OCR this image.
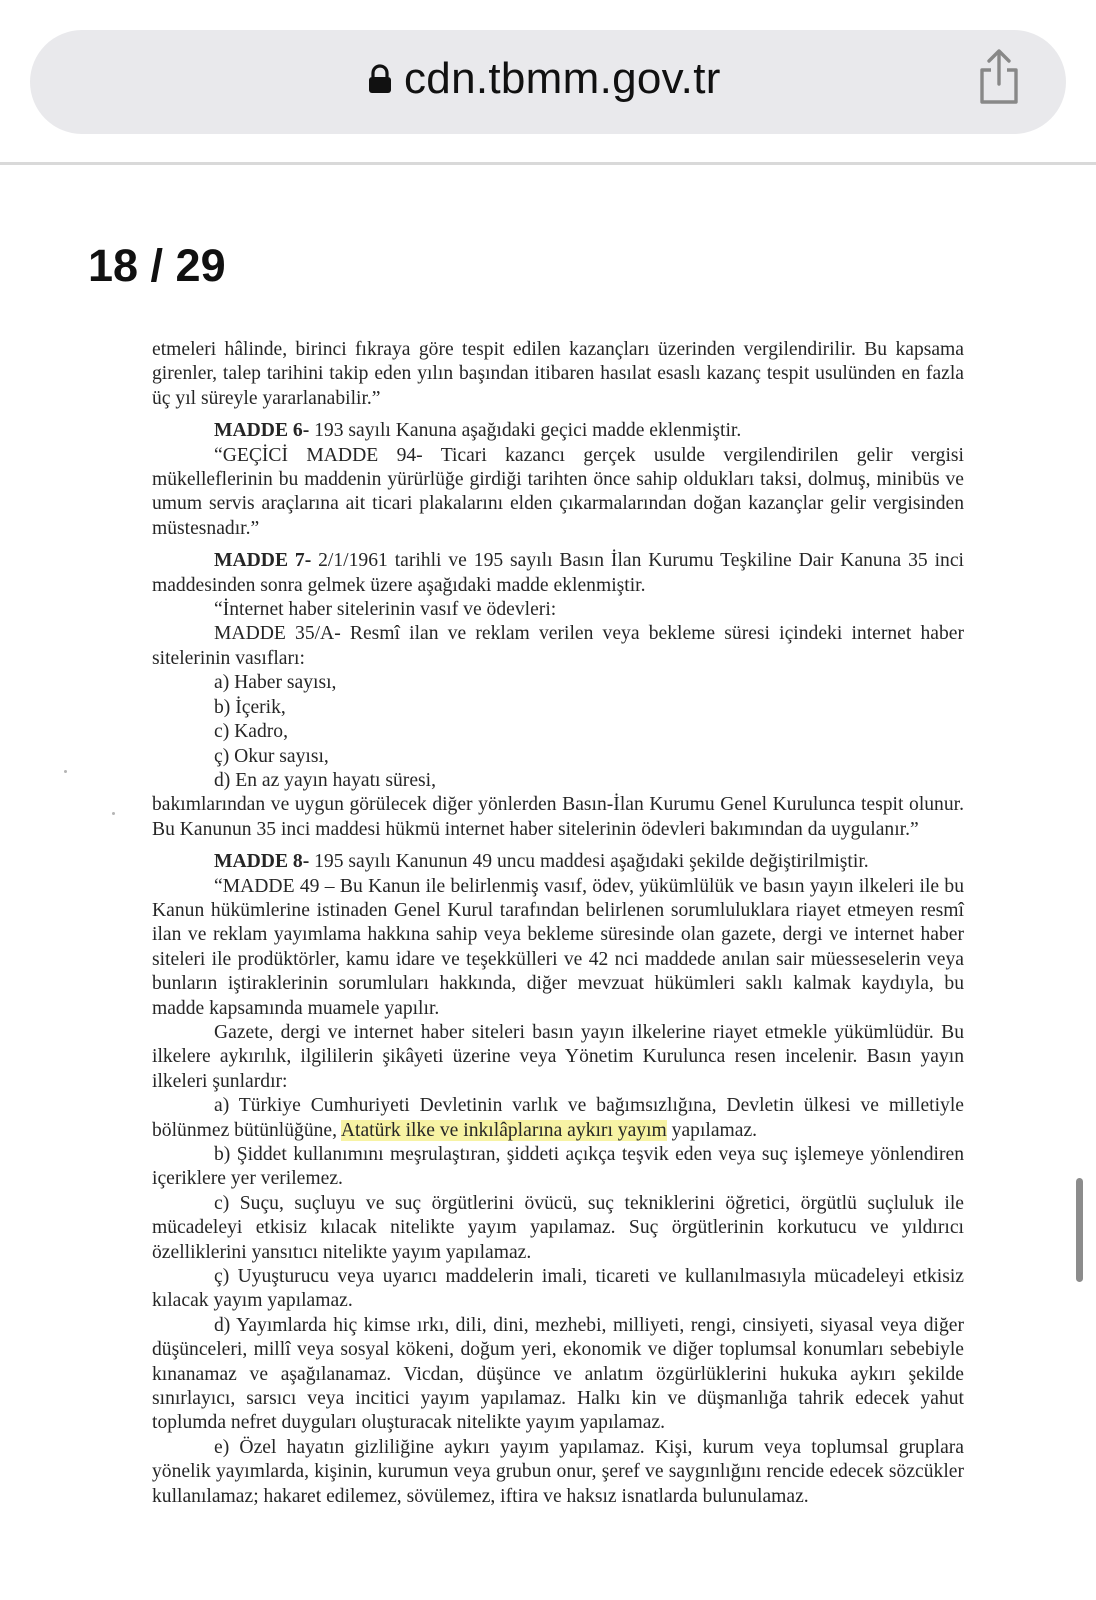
cdn.tbmm.gov.tr
18 / 29

etmeleri hâlinde, birinci fıkraya göre tespit edilen kazançları üzerinden vergilendirilir. Bu kapsama girenler, talep tarihini takip eden yılın başından itibaren hasılat esaslı kazanç tespit usulünden en fazla üç yıl süreyle yararlanabilir.”

MADDE 6- 193 sayılı Kanuna aşağıdaki geçici madde eklenmiştir.

“GEÇİCİ MADDE 94- Ticari kazancı gerçek usulde vergilendirilen gelir vergisi mükelleflerinin bu maddenin yürürlüğe girdiği tarihten önce sahip oldukları taksi, dolmuş, minibüs ve umum servis araçlarına ait ticari plakalarını elden çıkarmalarından doğan kazançlar gelir vergisinden müstesnadır.”

MADDE 7- 2/1/1961 tarihli ve 195 sayılı Basın İlan Kurumu Teşkiline Dair Kanuna 35 inci maddesinden sonra gelmek üzere aşağıdaki madde eklenmiştir.

“İnternet haber sitelerinin vasıf ve ödevleri:

MADDE 35/A- Resmî ilan ve reklam verilen veya bekleme süresi içindeki internet haber sitelerinin vasıfları:

a) Haber sayısı,

b) İçerik,

c) Kadro,

ç) Okur sayısı,

d) En az yayın hayatı süresi,

bakımlarından ve uygun görülecek diğer yönlerden Basın-İlan Kurumu Genel Kurulunca tespit olunur. Bu Kanunun 35 inci maddesi hükmü internet haber sitelerinin ödevleri bakımından da uygulanır.”

MADDE 8- 195 sayılı Kanunun 49 uncu maddesi aşağıdaki şekilde değiştirilmiştir.

“MADDE 49 – Bu Kanun ile belirlenmiş vasıf, ödev, yükümlülük ve basın yayın ilkeleri ile bu Kanun hükümlerine istinaden Genel Kurul tarafından belirlenen sorumluluklara riayet etmeyen resmî ilan ve reklam yayımlama hakkına sahip veya bekleme süresinde olan gazete, dergi ve internet haber siteleri ile prodüktörler, kamu idare ve teşekkülleri ve 42 nci maddede anılan sair müesseselerin veya bunların iştiraklerinin sorumluları hakkında, diğer mevzuat hükümleri saklı kalmak kaydıyla, bu madde kapsamında muamele yapılır.

Gazete, dergi ve internet haber siteleri basın yayın ilkelerine riayet etmekle yükümlüdür. Bu ilkelere aykırılık, ilgililerin şikâyeti üzerine veya Yönetim Kurulunca resen incelenir. Basın yayın ilkeleri şunlardır:

a) Türkiye Cumhuriyeti Devletinin varlık ve bağımsızlığına, Devletin ülkesi ve milletiyle bölünmez bütünlüğüne, Atatürk ilke ve inkılâplarına aykırı yayım yapılamaz.

b) Şiddet kullanımını meşrulaştıran, şiddeti açıkça teşvik eden veya suç işlemeye yönlendiren içeriklere yer verilemez.

c) Suçu, suçluyu ve suç örgütlerini övücü, suç tekniklerini öğretici, örgütlü suçluluk ile mücadeleyi etkisiz kılacak nitelikte yayım yapılamaz. Suç örgütlerinin korkutucu ve yıldırıcı özelliklerini yansıtıcı nitelikte yayım yapılamaz.

ç) Uyuşturucu veya uyarıcı maddelerin imali, ticareti ve kullanılmasıyla mücadeleyi etkisiz kılacak yayım yapılamaz.

d) Yayımlarda hiç kimse ırkı, dili, dini, mezhebi, milliyeti, rengi, cinsiyeti, siyasal veya diğer düşünceleri, millî veya sosyal kökeni, doğum yeri, ekonomik ve diğer toplumsal konumları sebebiyle kınanamaz ve aşağılanamaz. Vicdan, düşünce ve anlatım özgürlüklerini hukuka aykırı şekilde sınırlayıcı, sarsıcı veya incitici yayım yapılamaz. Halkı kin ve düşmanlığa tahrik edecek yahut toplumda nefret duyguları oluşturacak nitelikte yayım yapılamaz.

e) Özel hayatın gizliliğine aykırı yayım yapılamaz. Kişi, kurum veya toplumsal gruplara yönelik yayımlarda, kişinin, kurumun veya grubun onur, şeref ve saygınlığını rencide edecek sözcükler kullanılamaz; hakaret edilemez, sövülemez, iftira ve haksız isnatlarda bulunulamaz.
